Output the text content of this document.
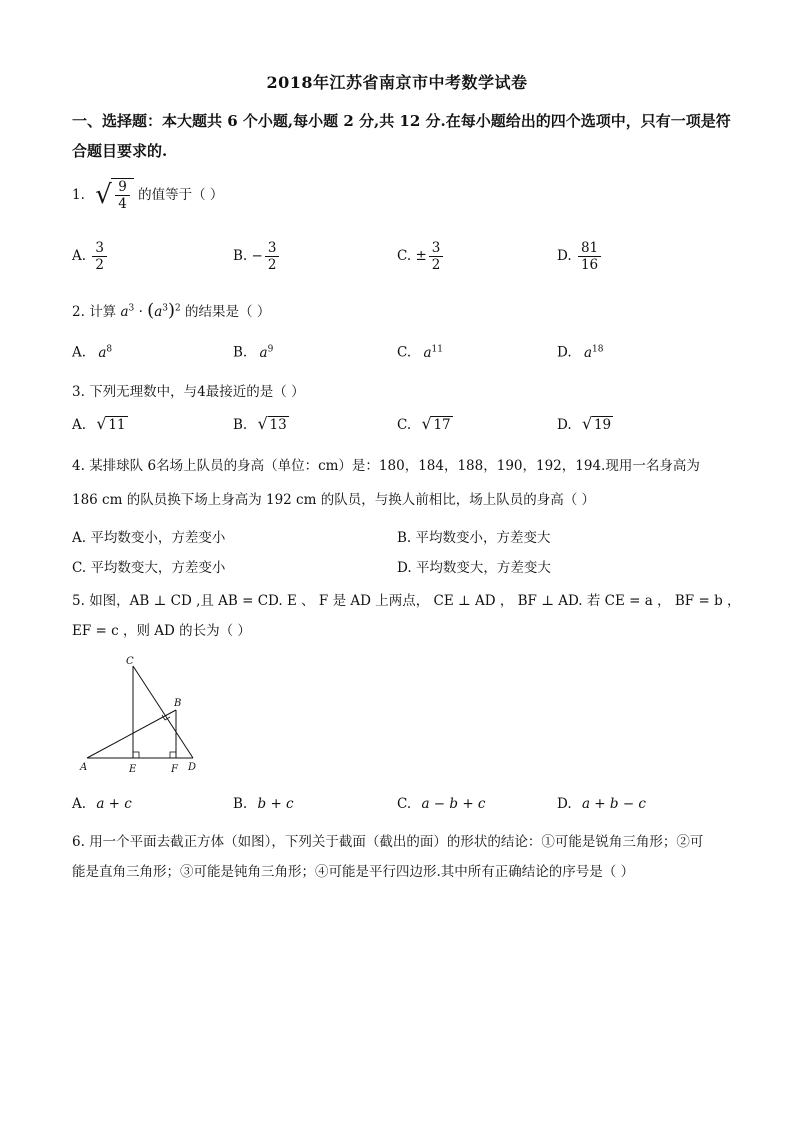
2018年江苏省南京市中考数学试卷
一、选择题：本大题共 6 个小题,每小题 2 分,共 12 分.在每小题给出的四个选项中，只有一项是符合题目要求的.
1. √ $\frac{9}{4}$ 的值等于（ ）
A. $\frac{3}{2}$	B. − $\frac{3}{2}$	C. ± $\frac{3}{2}$	D. $\frac{81}{16}$
2. 计算 $a^3 \cdot (a^3)^2$ 的结果是（ ）
A. $a^8$	B. $a^9$	C. $a^{11}$	D. $a^{18}$
3. 下列无理数中，与4最接近的是（ ）
A. √ 11	B. √ 13	C. √ 17	D. √ 19
4. 某排球队 6名场上队员的身高（单位：cm）是：180，184，188，190，192，194.现用一名身高为
186 cm 的队员换下场上身高为 192 cm 的队员，与换人前相比，场上队员的身高（ ）
A. 平均数变小，方差变小	B. 平均数变小，方差变大
C. 平均数变大，方差变小	D. 平均数变大，方差变大
5. 如图，AB ⊥ CD ,且 AB = CD. E 、 F 是 AD 上两点， CE ⊥ AD ， BF ⊥ AD. 若 CE = a ， BF = b ，
EF = c ，则 AD 的长为（ ）
C
B
A	E	F D
A. a + c	B. b + c	C. a − b + c	D. a + b − c
6. 用一个平面去截正方体（如图），下列关于截面（截出的面）的形状的结论：①可能是锐角三角形；②可
能是直角三角形；③可能是钝角三角形；④可能是平行四边形.其中所有正确结论的序号是（ ）
